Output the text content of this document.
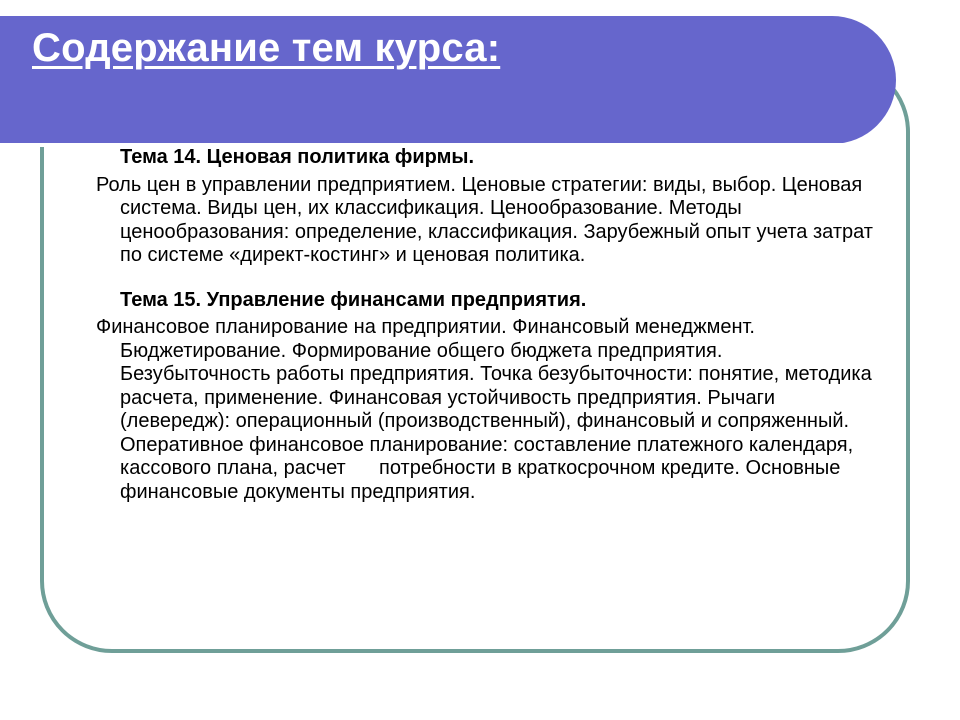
Содержание тем курса:

Тема 14. Ценовая политика фирмы.

Роль цен в управлении предприятием. Ценовые стратегии: виды, выбор. Ценовая система. Виды цен, их классификация. Ценообразование. Методы ценообразования: определение, классификация. Зарубежный опыт учета затрат по системе «директ-костинг» и ценовая политика.

Тема 15. Управление финансами предприятия.

Финансовое планирование на предприятии. Финансовый менеджмент. Бюджетирование. Формирование общего бюджета предприятия. Безубыточность работы предприятия. Точка безубыточности: понятие, методика расчета, применение. Финансовая устойчивость предприятия. Рычаги (левередж): операционный (производственный), финансовый и сопряженный. Оперативное финансовое планирование: составление платежного календаря, кассового плана, расчет      потребности в краткосрочном кредите. Основные            финансовые документы предприятия.
